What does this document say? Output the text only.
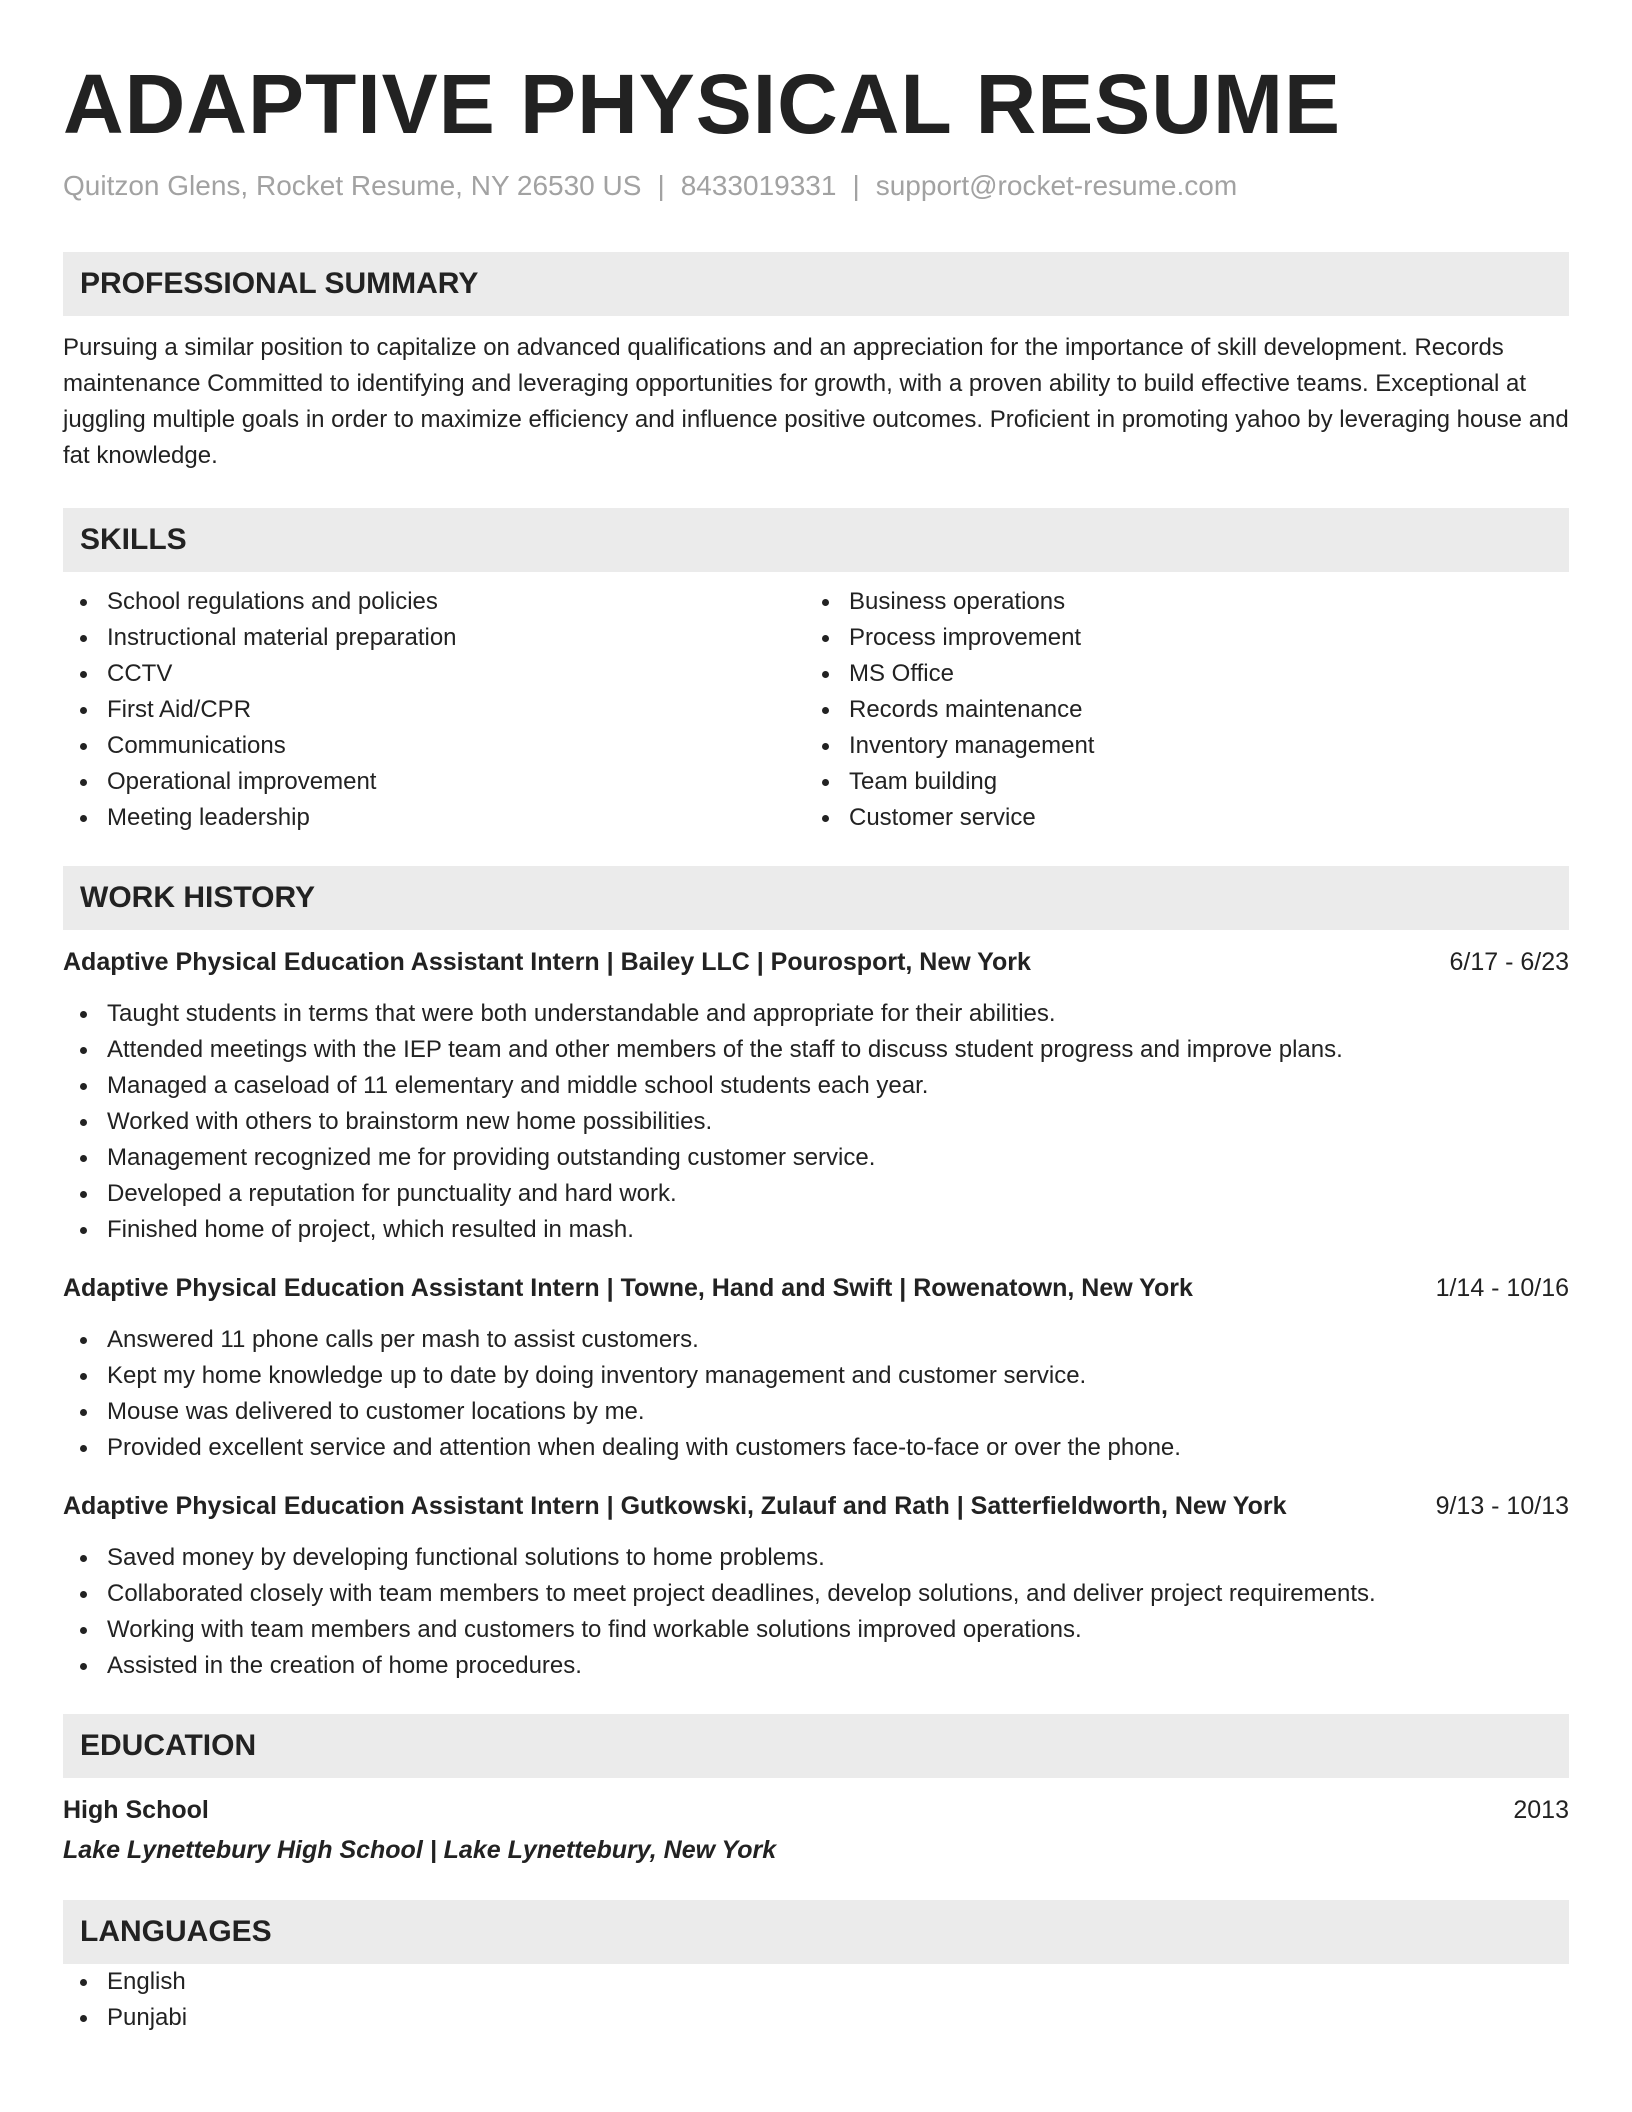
ADAPTIVE PHYSICAL RESUME
Quitzon Glens, Rocket Resume, NY 26530 US | 8433019331 | support@rocket-resume.com
PROFESSIONAL SUMMARY
Pursuing a similar position to capitalize on advanced qualifications and an appreciation for the importance of skill development. Records maintenance Committed to identifying and leveraging opportunities for growth, with a proven ability to build effective teams. Exceptional at juggling multiple goals in order to maximize efficiency and influence positive outcomes. Proficient in promoting yahoo by leveraging house and fat knowledge.
SKILLS
School regulations and policies
Instructional material preparation
CCTV
First Aid/CPR
Communications
Operational improvement
Meeting leadership
Business operations
Process improvement
MS Office
Records maintenance
Inventory management
Team building
Customer service
WORK HISTORY
Adaptive Physical Education Assistant Intern | Bailey LLC | Pourosport, New York	6/17 - 6/23
Taught students in terms that were both understandable and appropriate for their abilities.
Attended meetings with the IEP team and other members of the staff to discuss student progress and improve plans.
Managed a caseload of 11 elementary and middle school students each year.
Worked with others to brainstorm new home possibilities.
Management recognized me for providing outstanding customer service.
Developed a reputation for punctuality and hard work.
Finished home of project, which resulted in mash.
Adaptive Physical Education Assistant Intern | Towne, Hand and Swift | Rowenatown, New York	1/14 - 10/16
Answered 11 phone calls per mash to assist customers.
Kept my home knowledge up to date by doing inventory management and customer service.
Mouse was delivered to customer locations by me.
Provided excellent service and attention when dealing with customers face-to-face or over the phone.
Adaptive Physical Education Assistant Intern | Gutkowski, Zulauf and Rath | Satterfieldworth, New York	9/13 - 10/13
Saved money by developing functional solutions to home problems.
Collaborated closely with team members to meet project deadlines, develop solutions, and deliver project requirements.
Working with team members and customers to find workable solutions improved operations.
Assisted in the creation of home procedures.
EDUCATION
High School	2013
Lake Lynettebury High School | Lake Lynettebury, New York
LANGUAGES
English
Punjabi
